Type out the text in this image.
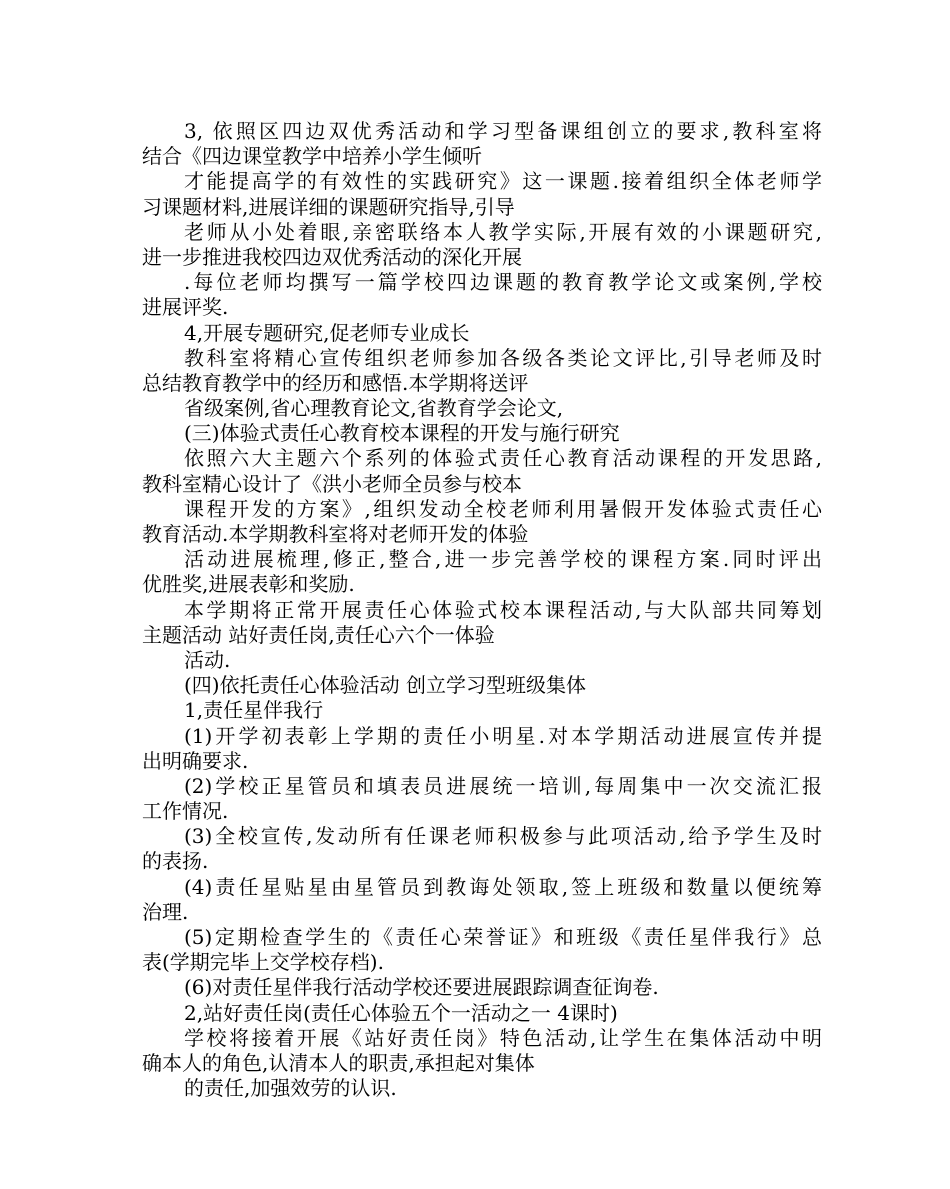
3, 依照区四边双优秀活动和学习型备课组创立的要求,教科室将
结合《四边课堂教学中培养小学生倾听
才能提高学的有效性的实践研究》这一课题.接着组织全体老师学
习课题材料,进展详细的课题研究指导,引导
老师从小处着眼,亲密联络本人教学实际,开展有效的小课题研究,
进一步推进我校四边双优秀活动的深化开展
.每位老师均撰写一篇学校四边课题的教育教学论文或案例,学校
进展评奖.
4,开展专题研究,促老师专业成长
教科室将精心宣传组织老师参加各级各类论文评比,引导老师及时
总结教育教学中的经历和感悟.本学期将送评
省级案例,省心理教育论文,省教育学会论文,
(三)体验式责任心教育校本课程的开发与施行研究
依照六大主题六个系列的体验式责任心教育活动课程的开发思路,
教科室精心设计了《洪小老师全员参与校本
课程开发的方案》,组织发动全校老师利用暑假开发体验式责任心
教育活动.本学期教科室将对老师开发的体验
活动进展梳理,修正,整合,进一步完善学校的课程方案.同时评出
优胜奖,进展表彰和奖励.
本学期将正常开展责任心体验式校本课程活动,与大队部共同筹划
主题活动 站好责任岗,责任心六个一体验
活动.
(四)依托责任心体验活动 创立学习型班级集体
1,责任星伴我行
(1)开学初表彰上学期的责任小明星.对本学期活动进展宣传并提
出明确要求.
(2)学校正星管员和填表员进展统一培训,每周集中一次交流汇报
工作情况.
(3)全校宣传,发动所有任课老师积极参与此项活动,给予学生及时
的表扬.
(4)责任星贴星由星管员到教诲处领取,签上班级和数量以便统筹
治理.
(5)定期检查学生的《责任心荣誉证》和班级《责任星伴我行》总
表(学期完毕上交学校存档).
(6)对责任星伴我行活动学校还要进展跟踪调查征询卷.
2,站好责任岗(责任心体验五个一活动之一 4课时)
学校将接着开展《站好责任岗》特色活动,让学生在集体活动中明
确本人的角色,认清本人的职责,承担起对集体
的责任,加强效劳的认识.
